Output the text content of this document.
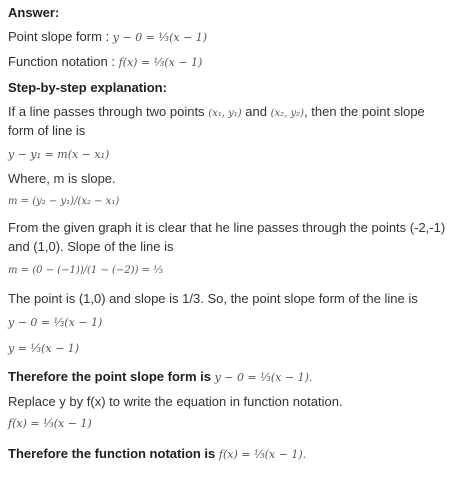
Answer:
Point slope form : y − 0 = ⅓(x − 1)
Function notation : f(x) = ⅓(x − 1)
Step-by-step explanation:
If a line passes through two points (x₁, y₁) and (x₂, y₂), then the point slope
form of line is
y − y₁ = m(x − x₁)
Where, m is slope.
m = (y₂ − y₁)/(x₂ − x₁)
From the given graph it is clear that he line passes through the points (-2,-1)
and (1,0). Slope of the line is
m = (0 − (−1))/(1 − (−2)) = ⅓
The point is (1,0) and slope is 1/3. So, the point slope form of the line is
y − 0 = ⅓(x − 1)
y = ⅓(x − 1)
Therefore the point slope form is y − 0 = ⅓(x − 1).
Replace y by f(x) to write the equation in function notation.
f(x) = ⅓(x − 1)
Therefore the function notation is f(x) = ⅓(x − 1).
